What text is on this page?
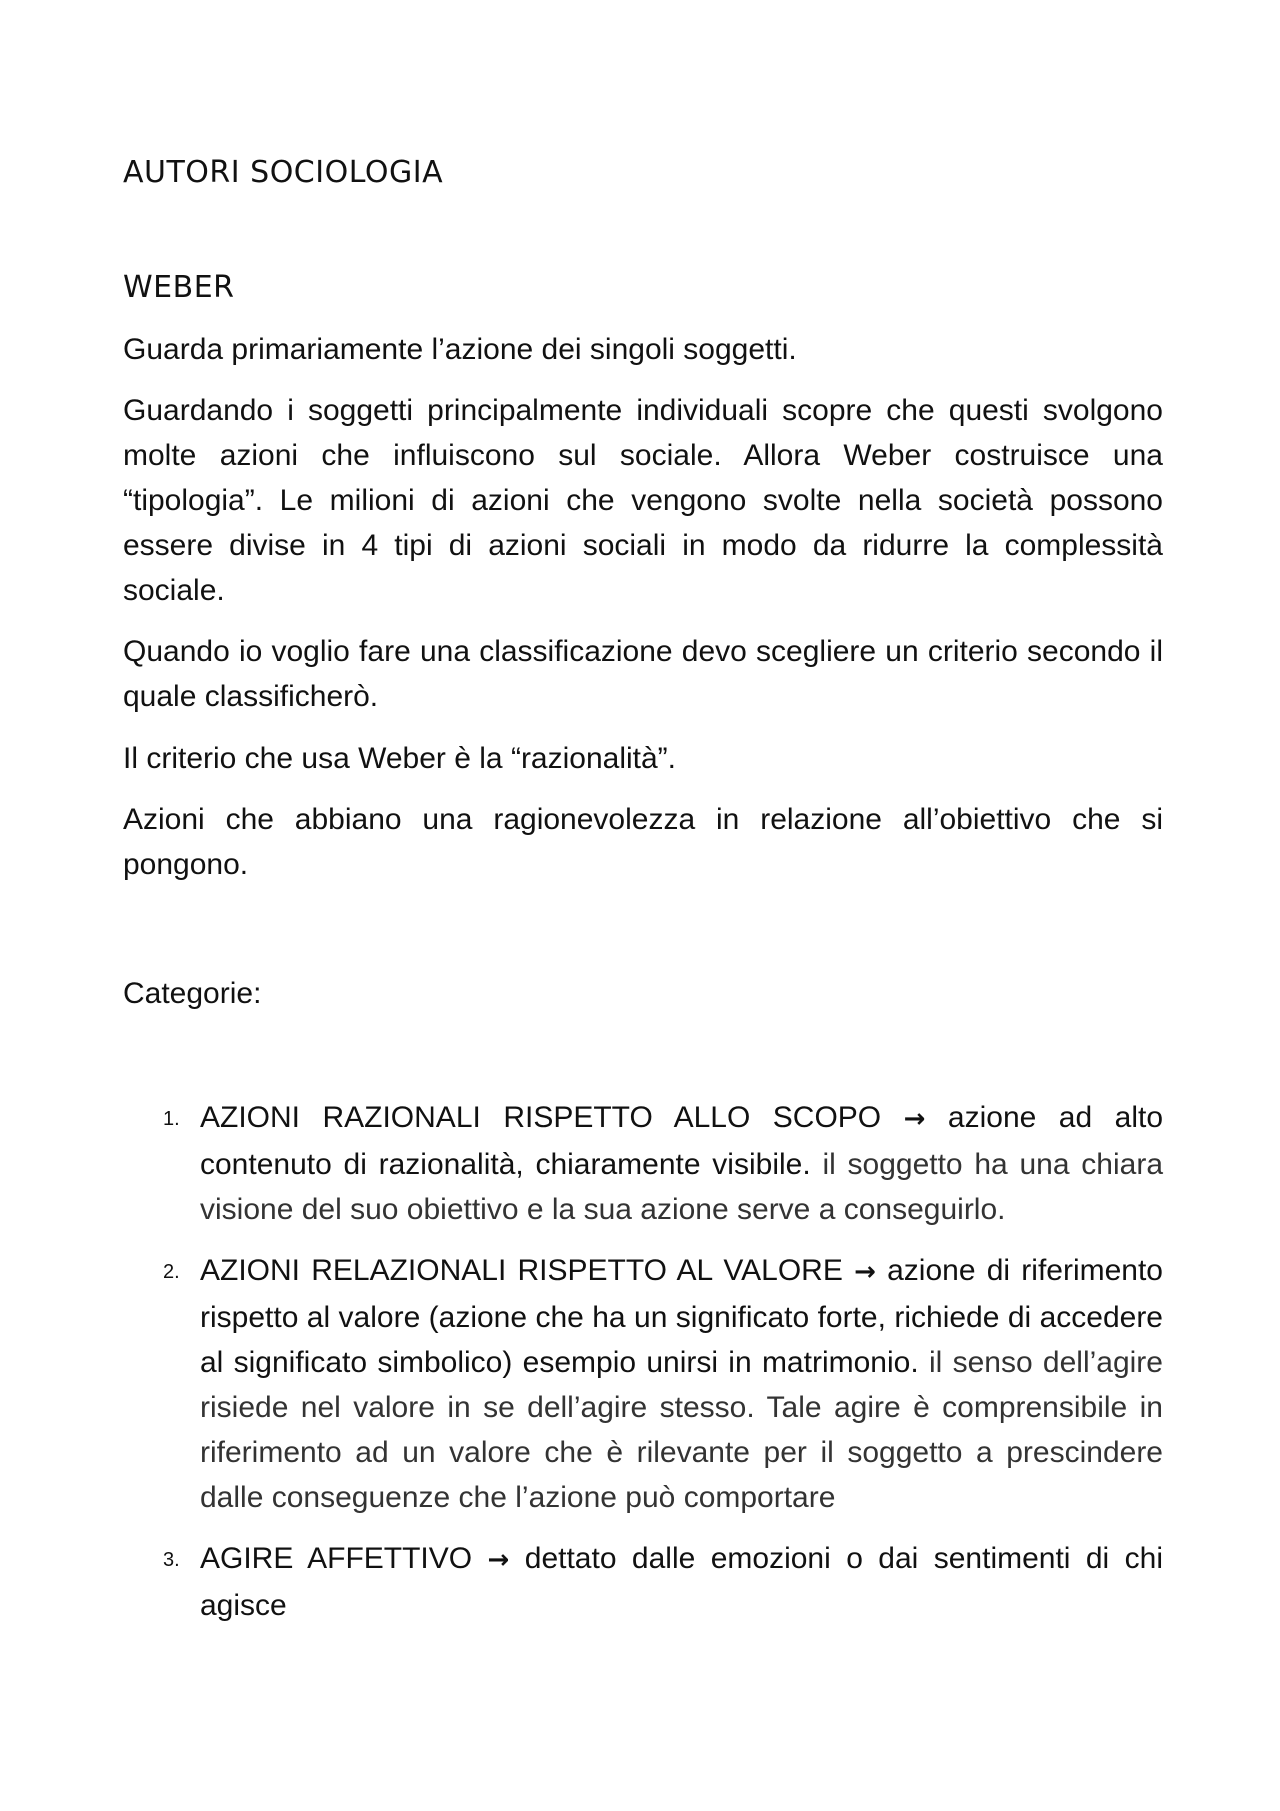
AUTORI SOCIOLOGIA
WEBER

Guarda primariamente l’azione dei singoli soggetti.

Guardando i soggetti principalmente individuali scopre che questi svolgono molte azioni che influiscono sul sociale. Allora Weber costruisce una “tipologia”. Le milioni di azioni che vengono svolte nella società possono essere divise in 4 tipi di azioni sociali in modo da ridurre la complessità sociale.

Quando io voglio fare una classificazione devo scegliere un criterio secondo il quale classificherò.

Il criterio che usa Weber è la “razionalità”.

Azioni che abbiano una ragionevolezza in relazione all’obiettivo che si pongono.

Categorie:

1. AZIONI RAZIONALI RISPETTO ALLO SCOPO → azione ad alto contenuto di razionalità, chiaramente visibile. il soggetto ha una chiara visione del suo obiettivo e la sua azione serve a conseguirlo.
2. AZIONI RELAZIONALI RISPETTO AL VALORE → azione di riferimento rispetto al valore (azione che ha un significato forte, richiede di accedere al significato simbolico) esempio unirsi in matrimonio. il senso dell’agire risiede nel valore in se dell’agire stesso. Tale agire è comprensibile in riferimento ad un valore che è rilevante per il soggetto a prescindere dalle conseguenze che l’azione può comportare
3. AGIRE AFFETTIVO → dettato dalle emozioni o dai sentimenti di chi agisce
